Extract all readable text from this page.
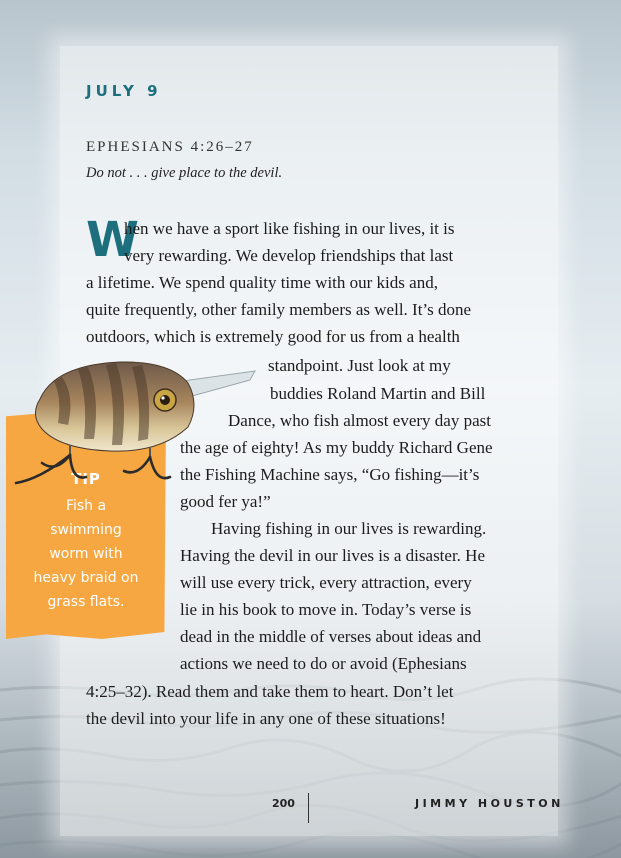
JULY 9
EPHESIANS 4:26–27
Do not . . . give place to the devil.
W
hen we have a sport like fishing in our lives, it is
very rewarding. We develop friendships that last
a lifetime. We spend quality time with our kids and,
quite frequently, other family members as well. It’s done
outdoors, which is extremely good for us from a health
standpoint. Just look at my
buddies Roland Martin and Bill
Dance, who fish almost every day past
the age of eighty! As my buddy Richard Gene
the Fishing Machine says, “Go fishing—it’s
good fer ya!”
Having fishing in our lives is rewarding.
Having the devil in our lives is a disaster. He
will use every trick, every attraction, every
lie in his book to move in. Today’s verse is
dead in the middle of verses about ideas and
actions we need to do or avoid (Ephesians
4:25–32). Read them and take them to heart. Don’t let
the devil into your life in any one of these situations!
TIP
Fish a
swimming
worm with
heavy braid on
grass flats.
200	JIMMY HOUSTON
